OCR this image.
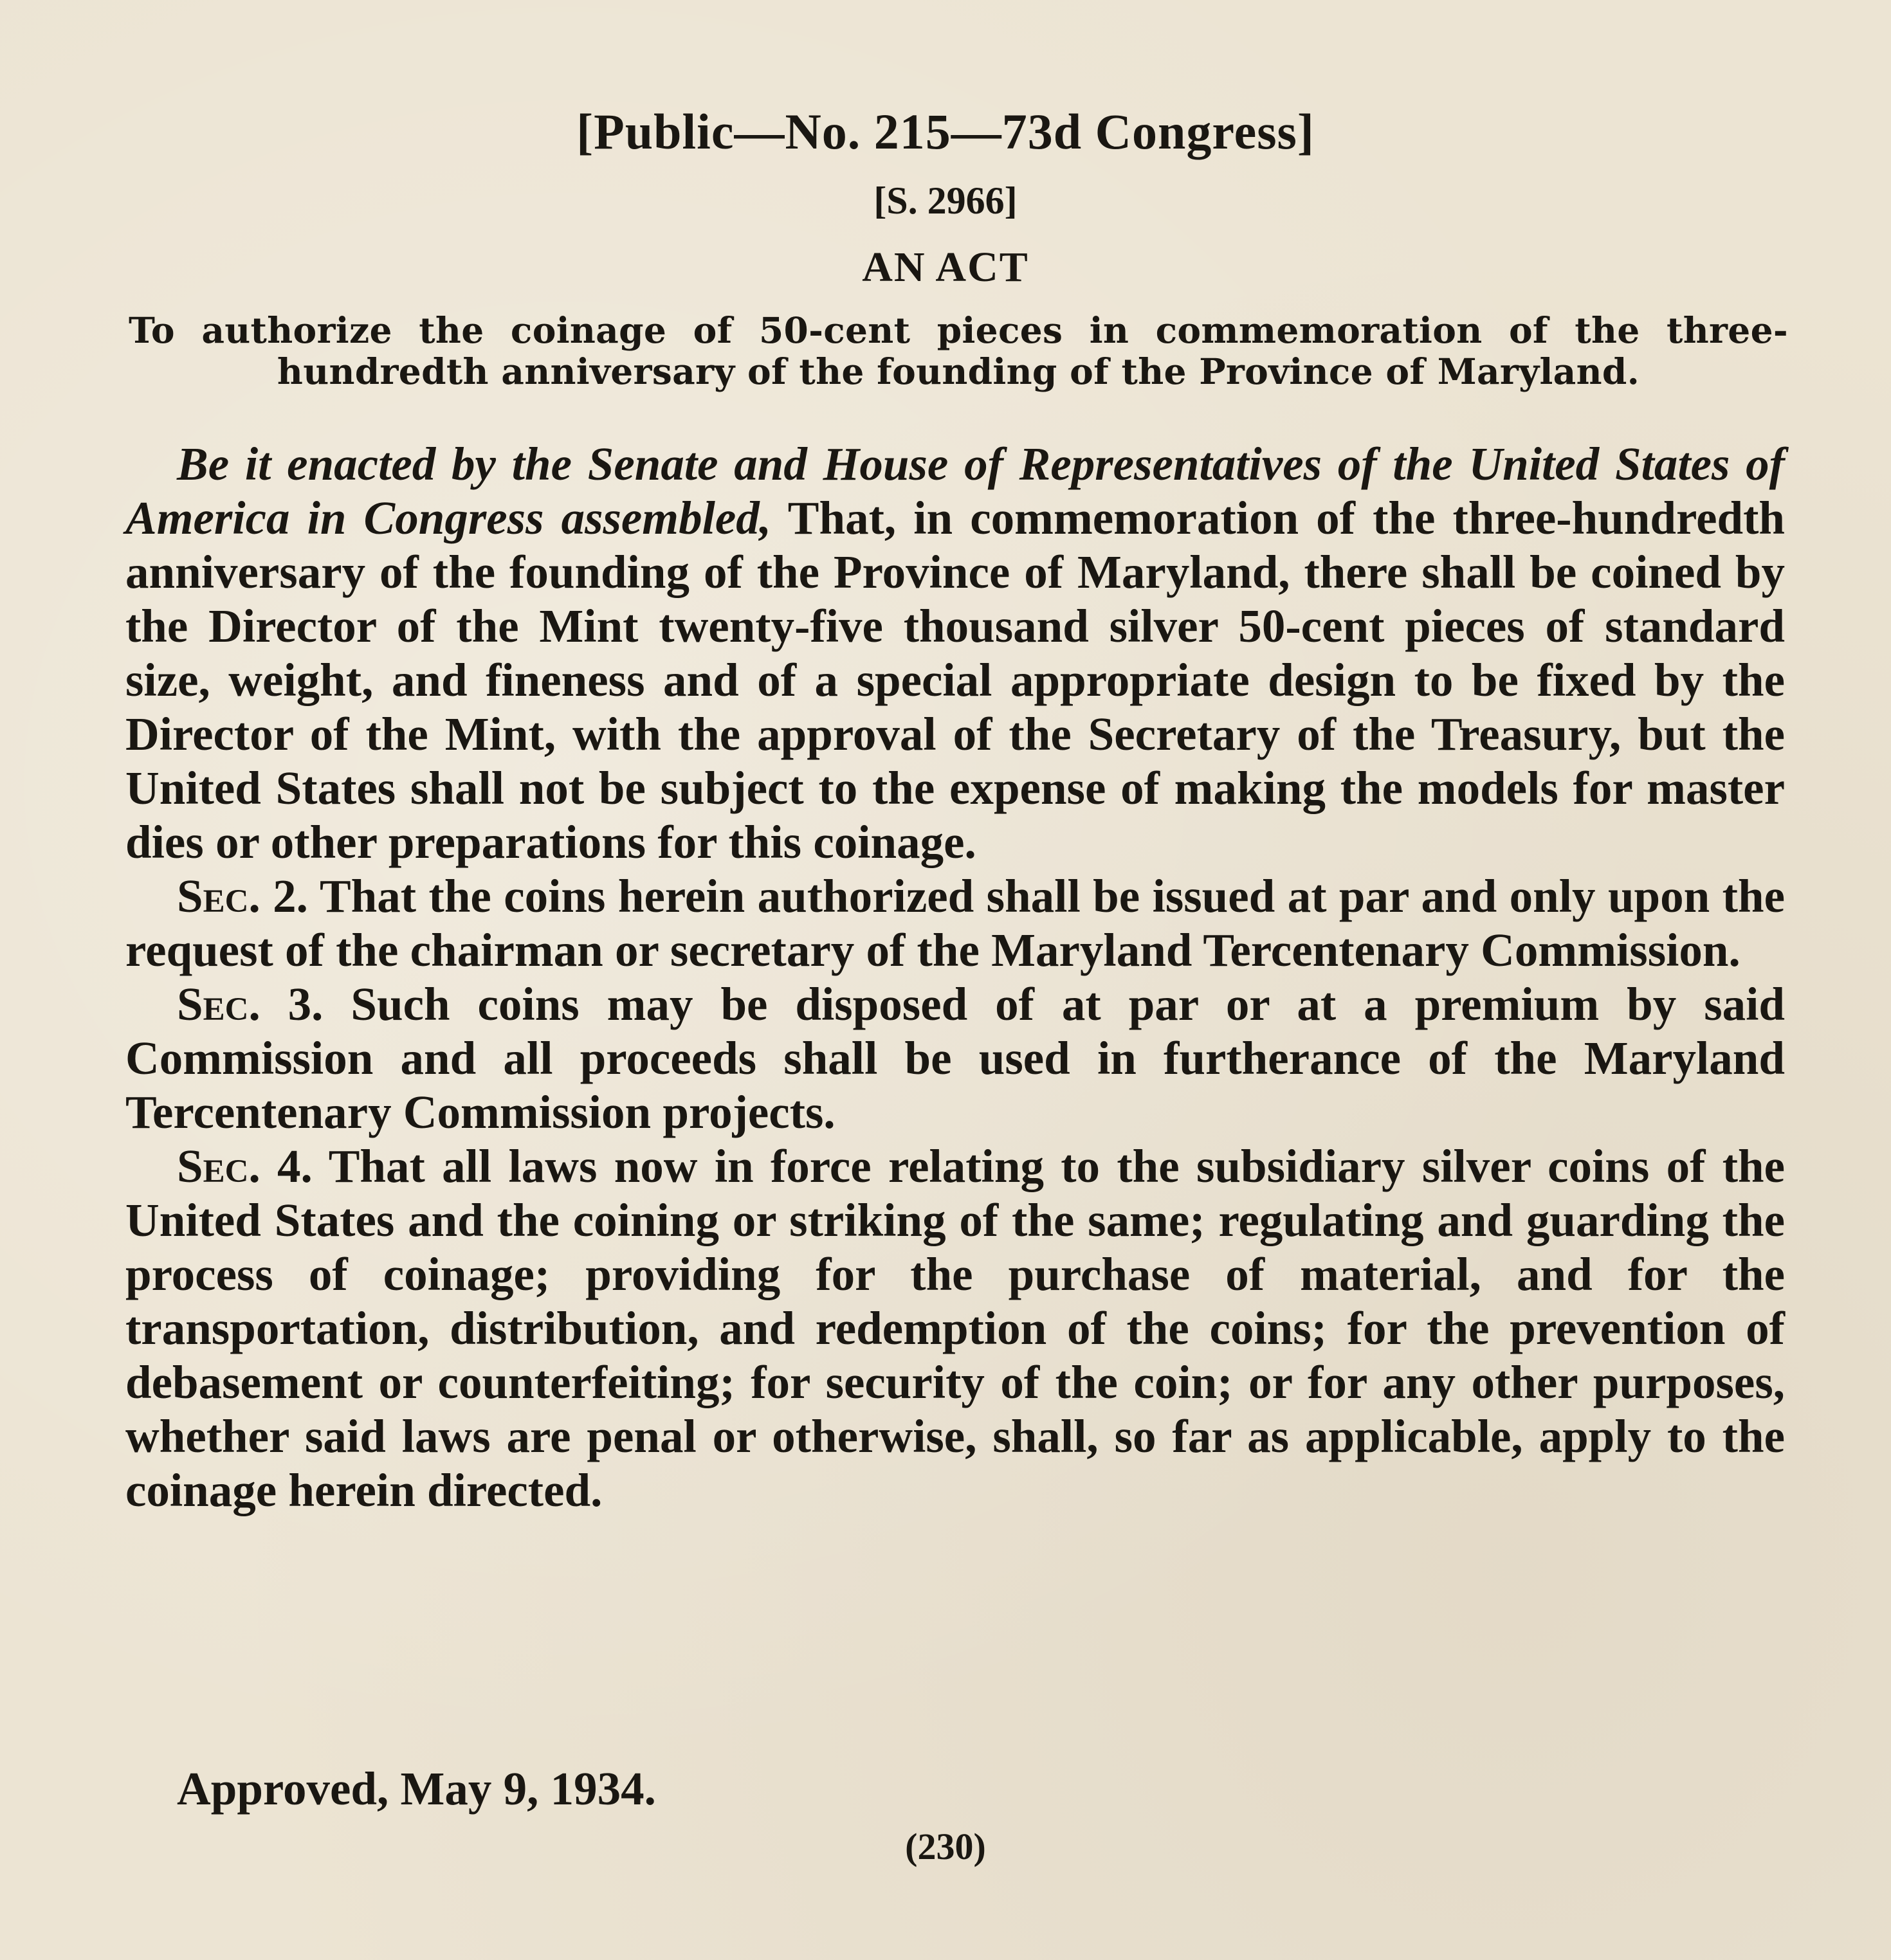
[Public—No. 215—73d Congress]
[S. 2966]
AN ACT
To authorize the coinage of 50-cent pieces in commemoration of the three-hundredth anniversary of the founding of the Province of Maryland.

Be it enacted by the Senate and House of Representatives of the United States of America in Congress assembled, That, in commemoration of the three-hundredth anniversary of the founding of the Province of Maryland, there shall be coined by the Director of the Mint twenty-five thousand silver 50-cent pieces of standard size, weight, and fineness and of a special appropriate design to be fixed by the Director of the Mint, with the approval of the Secretary of the Treasury, but the United States shall not be subject to the expense of making the models for master dies or other preparations for this coinage.

Sec. 2. That the coins herein authorized shall be issued at par and only upon the request of the chairman or secretary of the Maryland Tercentenary Commission.

Sec. 3. Such coins may be disposed of at par or at a premium by said Commission and all proceeds shall be used in furtherance of the Maryland Tercentenary Commission projects.

Sec. 4. That all laws now in force relating to the subsidiary silver coins of the United States and the coining or striking of the same; regulating and guarding the process of coinage; providing for the purchase of material, and for the transportation, distribution, and redemption of the coins; for the prevention of debasement or counterfeiting; for security of the coin; or for any other purposes, whether said laws are penal or otherwise, shall, so far as applicable, apply to the coinage herein directed.

Approved, May 9, 1934.
(230)
